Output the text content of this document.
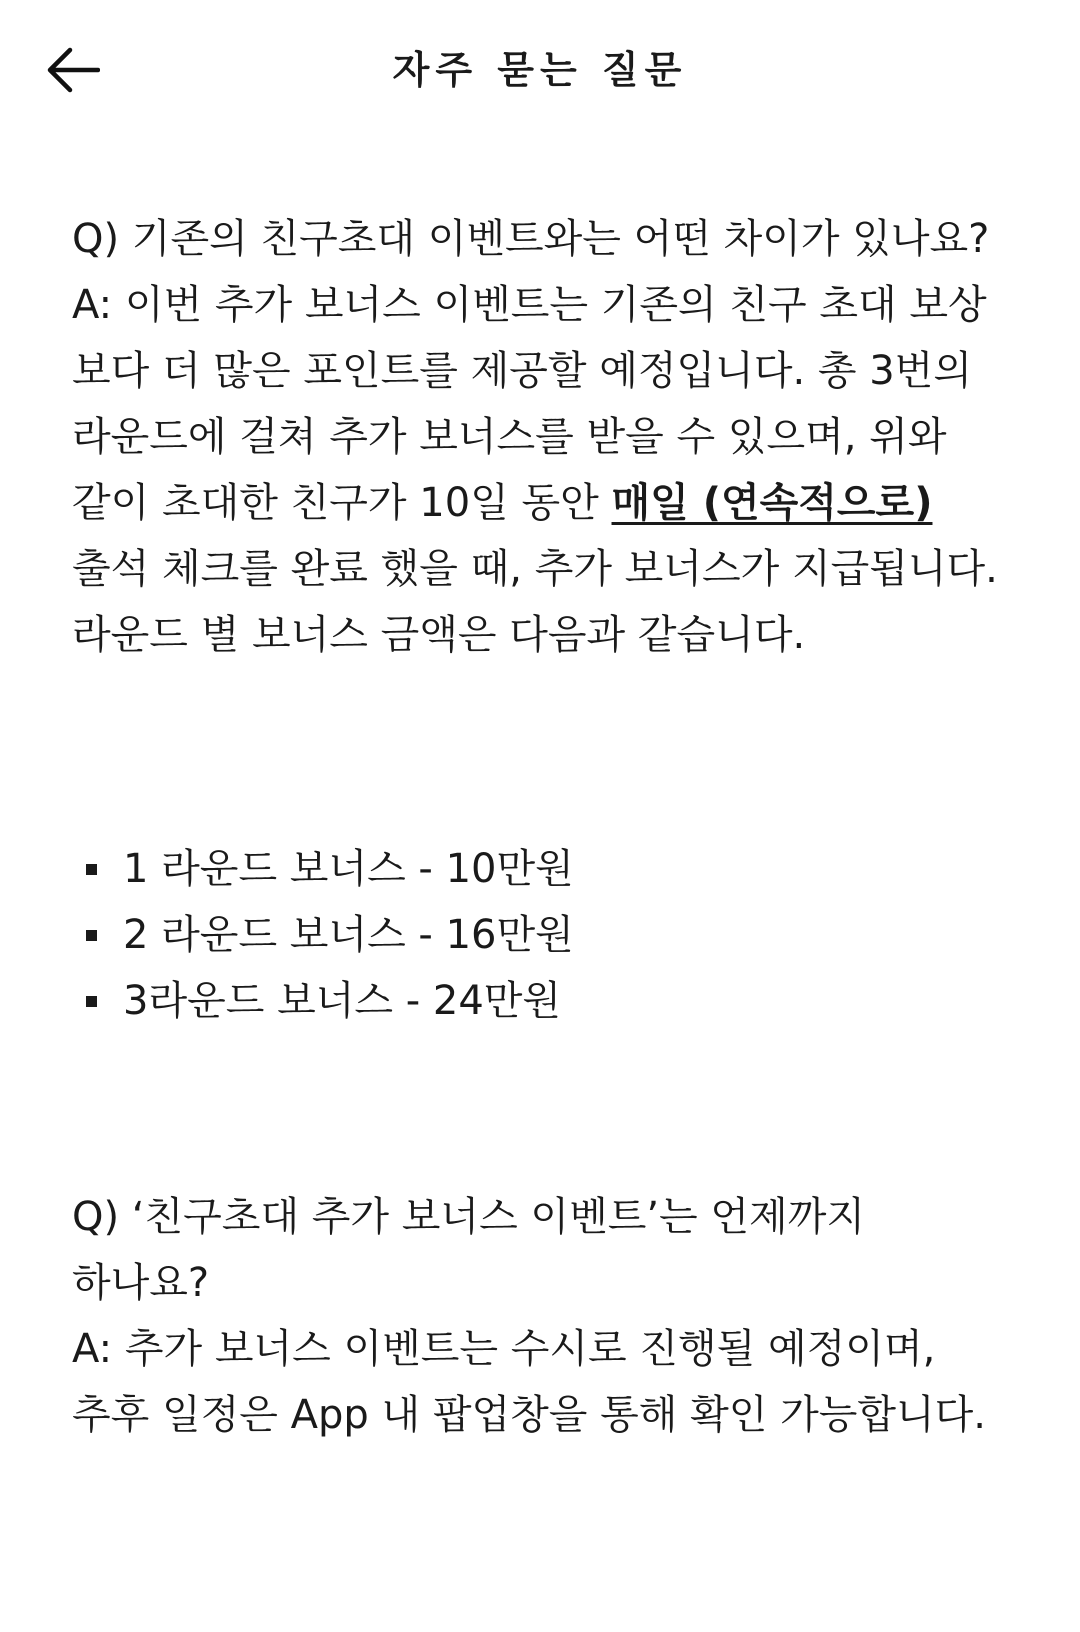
자주 묻는 질문

Q) 기존의 친구초대 이벤트와는 어떤 차이가 있나요?

A: 이번 추가 보너스 이벤트는 기존의 친구 초대 보상 보다 더 많은 포인트를 제공할 예정입니다. 총 3번의 라운드에 걸쳐 추가 보너스를 받을 수 있으며, 위와 같이 초대한 친구가 10일 동안 매일 (연속적으로) 출석 체크를 완료 했을 때, 추가 보너스가 지급됩니다. 라운드 별 보너스 금액은 다음과 같습니다.

1 라운드 보너스 - 10만원
2 라운드 보너스 - 16만원
3라운드 보너스 - 24만원

Q) ‘친구초대 추가 보너스 이벤트’는 언제까지 하나요?

A: 추가 보너스 이벤트는 수시로 진행될 예정이며, 추후 일정은 App 내 팝업창을 통해 확인 가능합니다.
